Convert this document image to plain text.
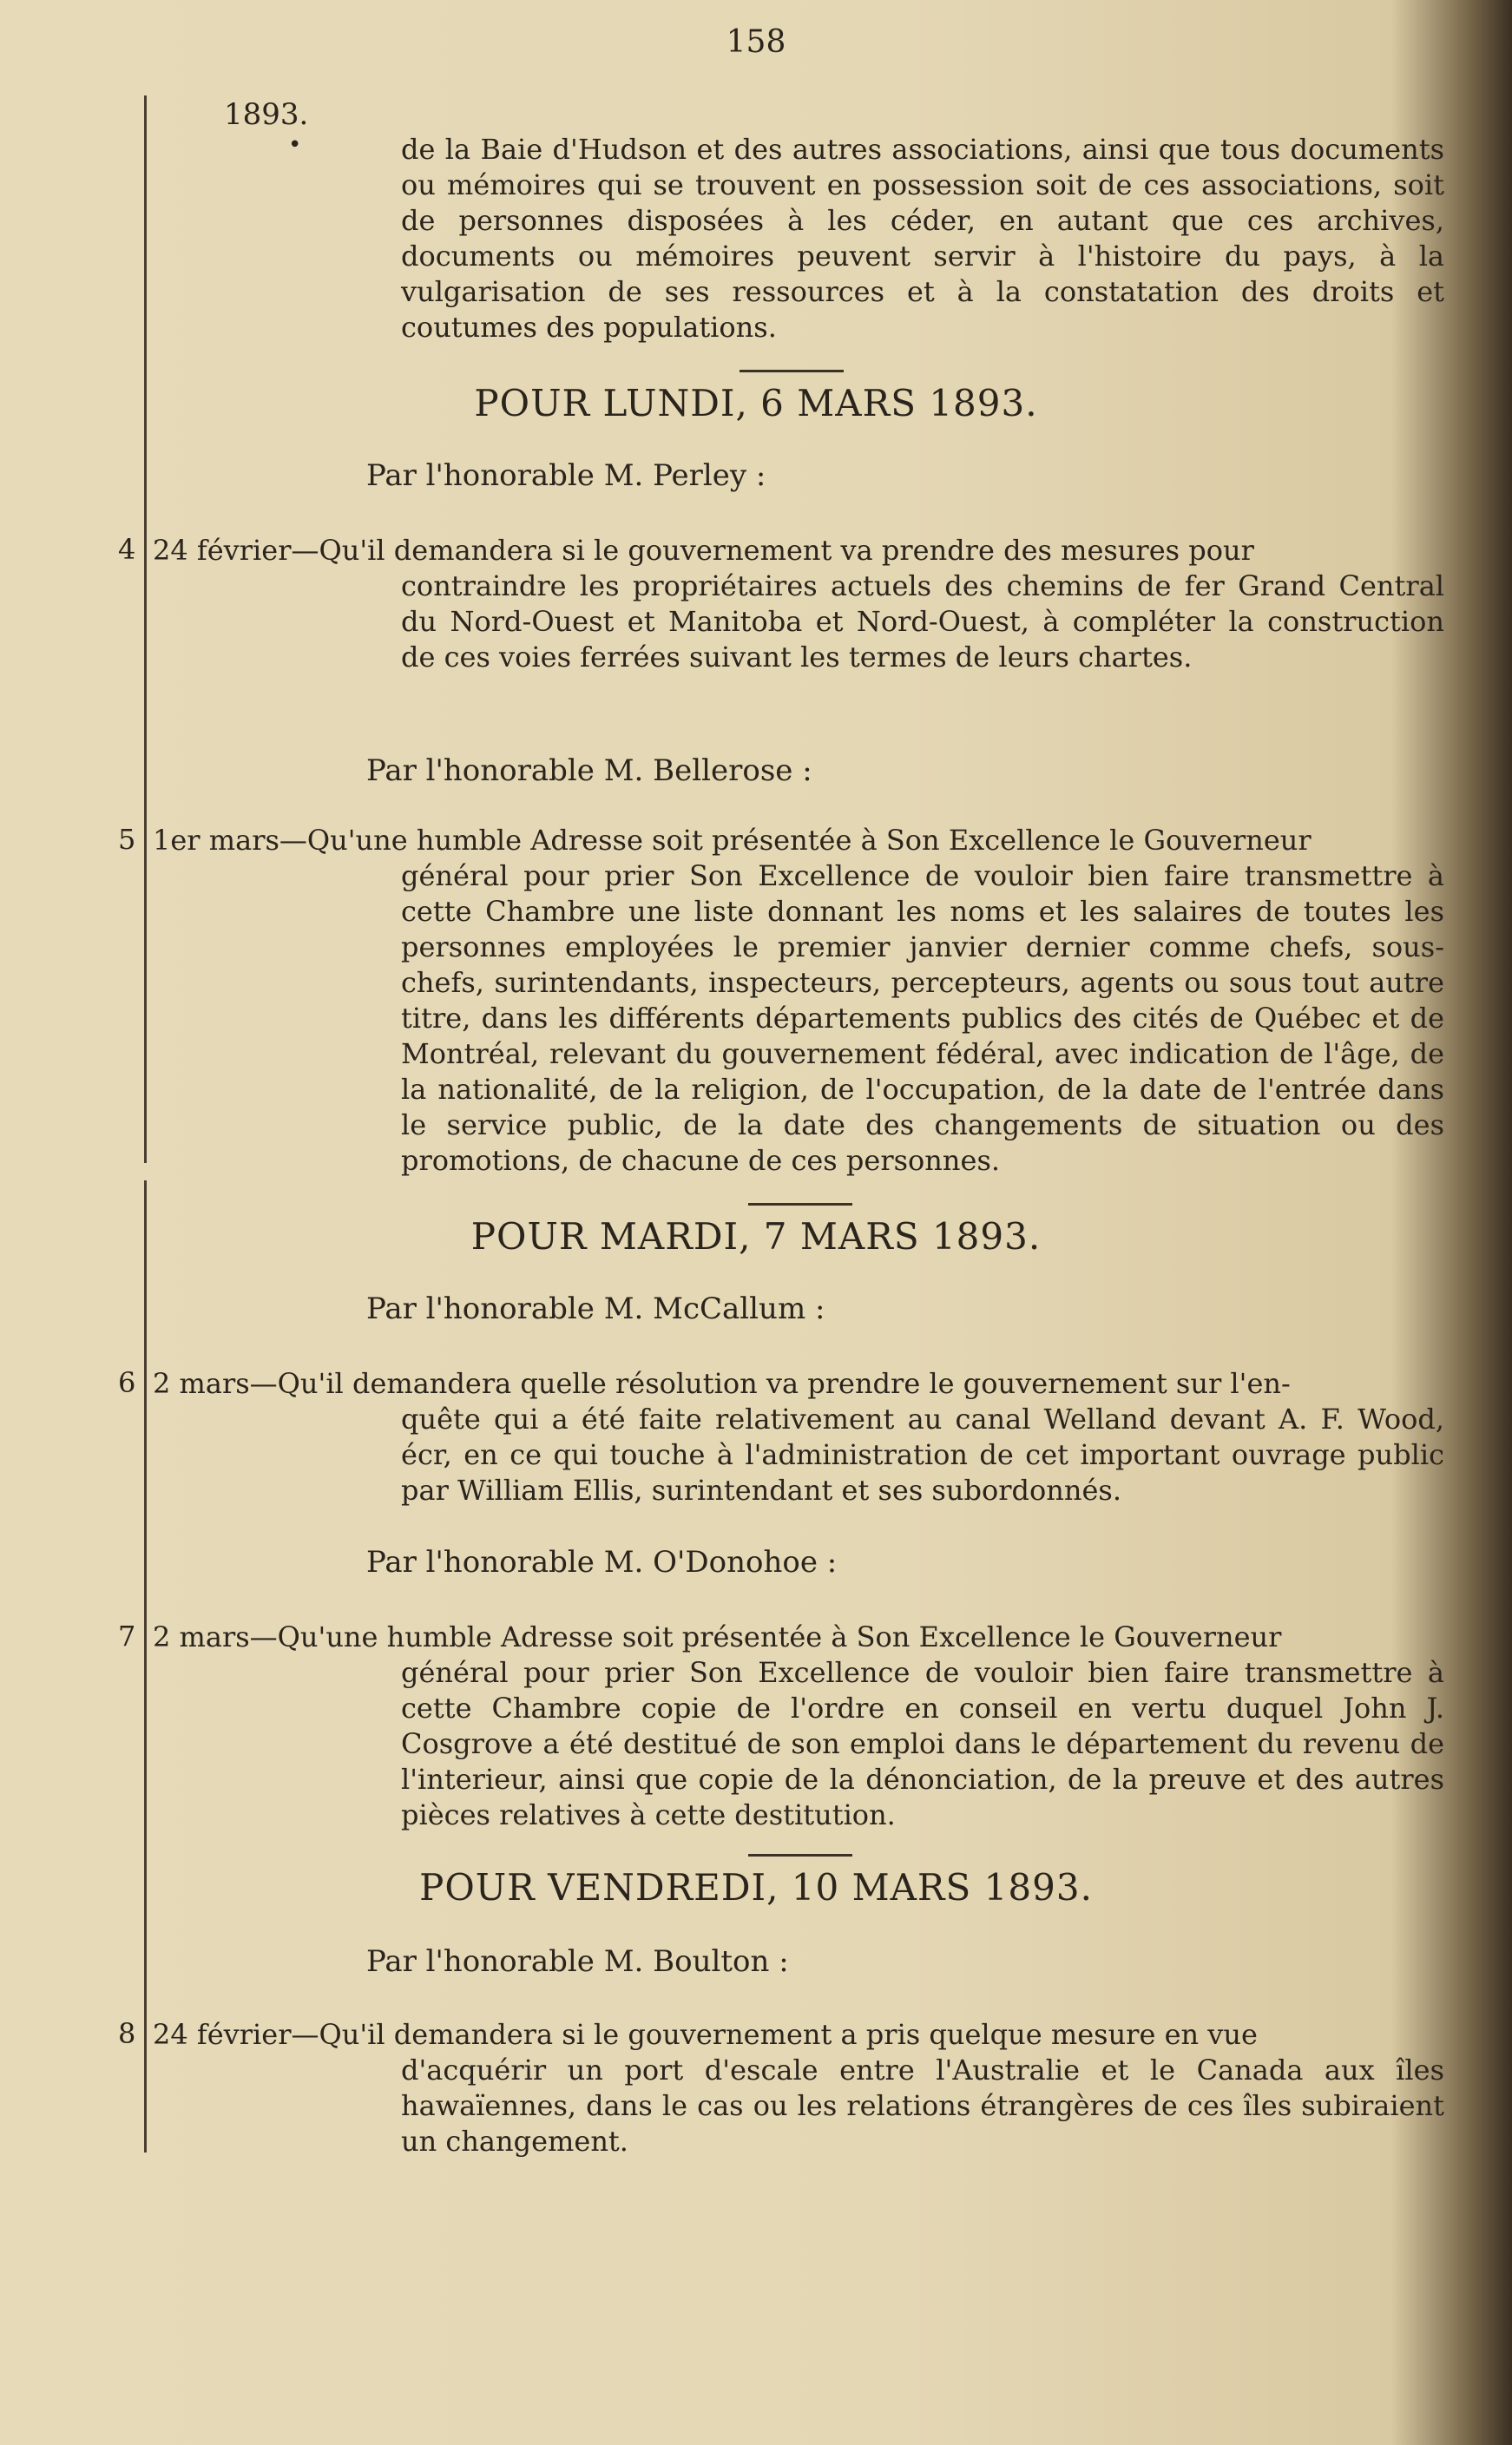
158
1893.
•	de la Baie d'Hudson et des autres associations, ainsi que tous documents ou mémoires qui se trouvent en possession soit de ces associations, soit de personnes disposées à les céder, en autant que ces archives, documents ou mémoires peuvent servir à l'histoire du pays, à la vulgarisation de ses ressources et à la constatation des droits et coutumes des populations.
POUR LUNDI, 6 MARS 1893.
Par l'honorable M. Perley :
4 24 février—Qu'il demandera si le gouvernement va prendre des mesures pour
contraindre les propriétaires actuels des chemins de fer Grand Central du Nord-Ouest et Manitoba et Nord-Ouest, à compléter la construction de ces voies ferrées suivant les termes de leurs chartes.
Par l'honorable M. Bellerose :
5 1er mars—Qu'une humble Adresse soit présentée à Son Excellence le Gouverneur
général pour prier Son Excellence de vouloir bien faire transmettre à cette Chambre une liste donnant les noms et les salaires de toutes les personnes employées le premier janvier dernier comme chefs, sous-chefs, surintendants, inspecteurs, percepteurs, agents ou sous tout autre titre, dans les différents départements publics des cités de Québec et de Montréal, relevant du gouvernement fédéral, avec indication de l'âge, de la nationalité, de la religion, de l'occupation, de la date de l'entrée dans le service public, de la date des changements de situation ou des promotions, de chacune de ces personnes.
POUR MARDI, 7 MARS 1893.
Par l'honorable M. McCallum :
6 2 mars—Qu'il demandera quelle résolution va prendre le gouvernement sur l'en-
quête qui a été faite relativement au canal Welland devant A. F. Wood, écr, en ce qui touche à l'administration de cet important ouvrage public par William Ellis, surintendant et ses subordonnés.
Par l'honorable M. O'Donohoe :
7 2 mars—Qu'une humble Adresse soit présentée à Son Excellence le Gouverneur
général pour prier Son Excellence de vouloir bien faire transmettre à cette Chambre copie de l'ordre en conseil en vertu duquel John J. Cosgrove a été destitué de son emploi dans le département du revenu de l'interieur, ainsi que copie de la dénonciation, de la preuve et des autres pièces relatives à cette destitution.
POUR VENDREDI, 10 MARS 1893.
Par l'honorable M. Boulton :
8 24 février—Qu'il demandera si le gouvernement a pris quelque mesure en vue
d'acquérir un port d'escale entre l'Australie et le Canada aux îles hawaïennes, dans le cas ou les relations étrangères de ces îles subiraient un changement.
